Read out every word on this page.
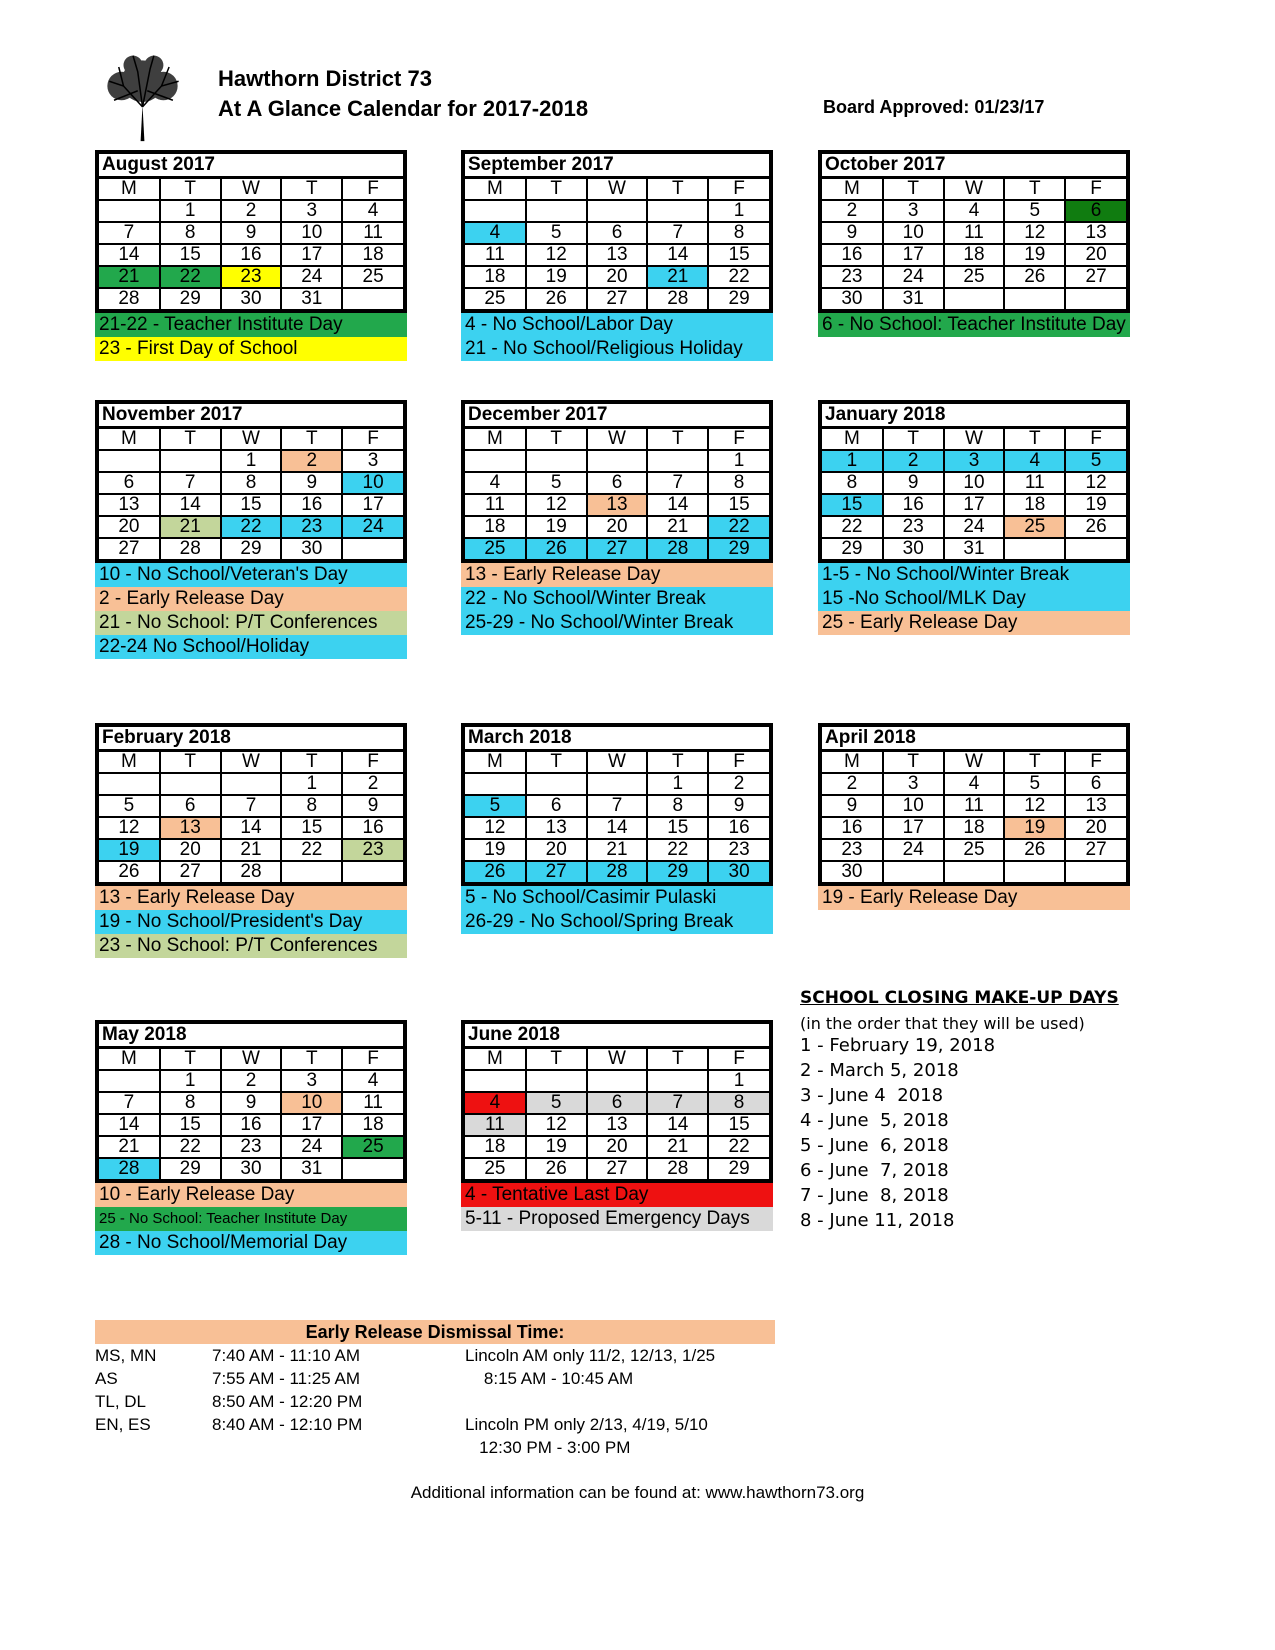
Hawthorn District 73
At A Glance Calendar for 2017-2018	Board Approved: 01/23/17
August 2017
M	T	W	T	F
	1	2	3	4
7	8	9	10	11
14	15	16	17	18
21	22	23	24	25
28	29	30	31	
21-22 - Teacher Institute Day
23 - First Day of School
September 2017
M	T	W	T	F
				1
4	5	6	7	8
11	12	13	14	15
18	19	20	21	22
25	26	27	28	29
4 - No School/Labor Day
21 - No School/Religious Holiday
October 2017
M	T	W	T	F
2	3	4	5	6
9	10	11	12	13
16	17	18	19	20
23	24	25	26	27
30	31			
6 - No School: Teacher Institute Day
November 2017
M	T	W	T	F
		1	2	3
6	7	8	9	10
13	14	15	16	17
20	21	22	23	24
27	28	29	30	
10 - No School/Veteran's Day
2 - Early Release Day
21 - No School: P/T Conferences
22-24 No School/Holiday
December 2017
M	T	W	T	F
				1
4	5	6	7	8
11	12	13	14	15
18	19	20	21	22
25	26	27	28	29
13 - Early Release Day
22 - No School/Winter Break
25-29 - No School/Winter Break
January 2018
M	T	W	T	F
1	2	3	4	5
8	9	10	11	12
15	16	17	18	19
22	23	24	25	26
29	30	31		
1-5 - No School/Winter Break
15 -No School/MLK Day
25 - Early Release Day
February 2018
M	T	W	T	F
			1	2
5	6	7	8	9
12	13	14	15	16
19	20	21	22	23
26	27	28		
13 - Early Release Day
19 - No School/President's Day
23 - No School: P/T Conferences
March 2018
M	T	W	T	F
			1	2
5	6	7	8	9
12	13	14	15	16
19	20	21	22	23
26	27	28	29	30
5 - No School/Casimir Pulaski
26-29 - No School/Spring Break
April 2018
M	T	W	T	F
2	3	4	5	6
9	10	11	12	13
16	17	18	19	20
23	24	25	26	27
30				
19 - Early Release Day
May 2018
M	T	W	T	F
	1	2	3	4
7	8	9	10	11
14	15	16	17	18
21	22	23	24	25
28	29	30	31	
10 - Early Release Day
25 - No School: Teacher Institute Day
28 - No School/Memorial Day
June 2018
M	T	W	T	F
				1
4	5	6	7	8
11	12	13	14	15
18	19	20	21	22
25	26	27	28	29
4 - Tentative Last Day
5-11 - Proposed Emergency Days
SCHOOL CLOSING MAKE-UP DAYS
(in the order that they will be used)
1 - February 19, 2018
2 - March 5, 2018
3 - June 4  2018
4 - June  5, 2018
5 - June  6, 2018
6 - June  7, 2018
7 - June  8, 2018
8 - June 11, 2018
Early Release Dismissal Time:
MS, MN	7:40 AM - 11:10 AM	Lincoln AM only 11/2, 12/13, 1/25
AS	7:55 AM - 11:25 AM	8:15 AM - 10:45 AM
TL, DL	8:50 AM - 12:20 PM
EN, ES	8:40 AM - 12:10 PM	Lincoln PM only 2/13, 4/19, 5/10
12:30 PM - 3:00 PM
Additional information can be found at: www.hawthorn73.org
